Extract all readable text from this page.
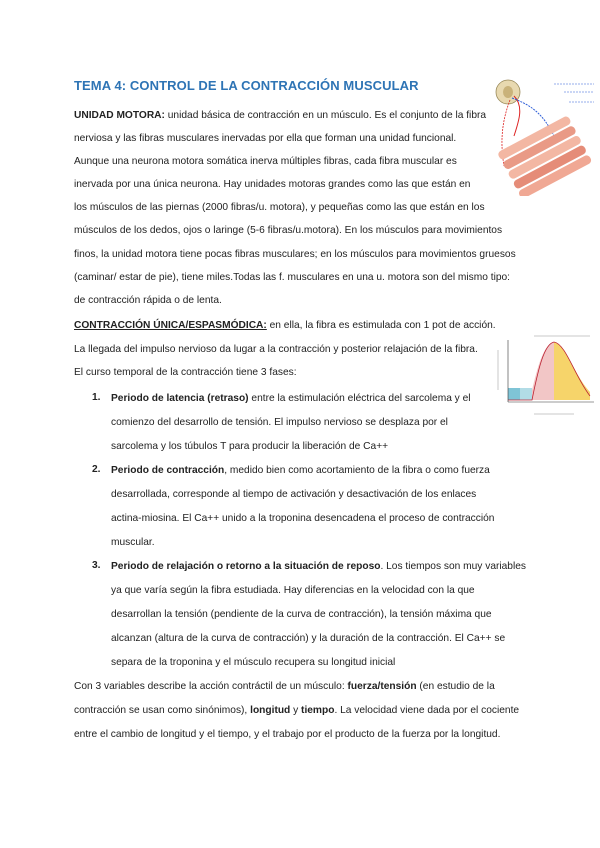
TEMA 4: CONTROL DE LA CONTRACCIÓN MUSCULAR
UNIDAD MOTORA: unidad básica de contracción en un músculo. Es el conjunto de la fibra
nerviosa y las fibras musculares inervadas por ella que forman una unidad funcional.
Aunque una neurona motora somática inerva múltiples fibras, cada fibra muscular es
inervada por una única neurona. Hay unidades motoras grandes como las que están en
los músculos de las piernas (2000 fibras/u. motora), y pequeñas como las que están en los
músculos de los dedos, ojos o laringe (5-6 fibras/u.motora). En los músculos para movimientos
finos, la unidad motora tiene pocas fibras musculares; en los músculos para movimientos gruesos
(caminar/ estar de pie), tiene miles.Todas las f. musculares en una u. motora son del mismo tipo:
de contracción rápida o de lenta.
CONTRACCIÓN ÚNICA/ESPASMÓDICA: en ella, la fibra es estimulada con 1 pot de acción.
La llegada del impulso nervioso da lugar a la contracción y posterior relajación de la fibra.
El curso temporal de la contracción tiene 3 fases:
1. Periodo de latencia (retraso) entre la estimulación eléctrica del sarcolema y el
comienzo del desarrollo de tensión. El impulso nervioso se desplaza por el
sarcolema y los túbulos T para producir la liberación de Ca++
2. Periodo de contracción, medido bien como acortamiento de la fibra o como fuerza
desarrollada, corresponde al tiempo de activación y desactivación de los enlaces
actina-miosina. El Ca++ unido a la troponina desencadena el proceso de contracción
muscular.
3. Periodo de relajación o retorno a la situación de reposo. Los tiempos son muy variables
ya que varía según la fibra estudiada. Hay diferencias en la velocidad con la que
desarrollan la tensión (pendiente de la curva de contracción), la tensión máxima que
alcanzan (altura de la curva de contracción) y la duración de la contracción. El Ca++ se
separa de la troponina y el músculo recupera su longitud inicial
Con 3 variables describe la acción contráctil de un músculo: fuerza/tensión (en estudio de la
contracción se usan como sinónimos), longitud y tiempo. La velocidad viene dada por el cociente
entre el cambio de longitud y el tiempo, y el trabajo por el producto de la fuerza por la longitud.
